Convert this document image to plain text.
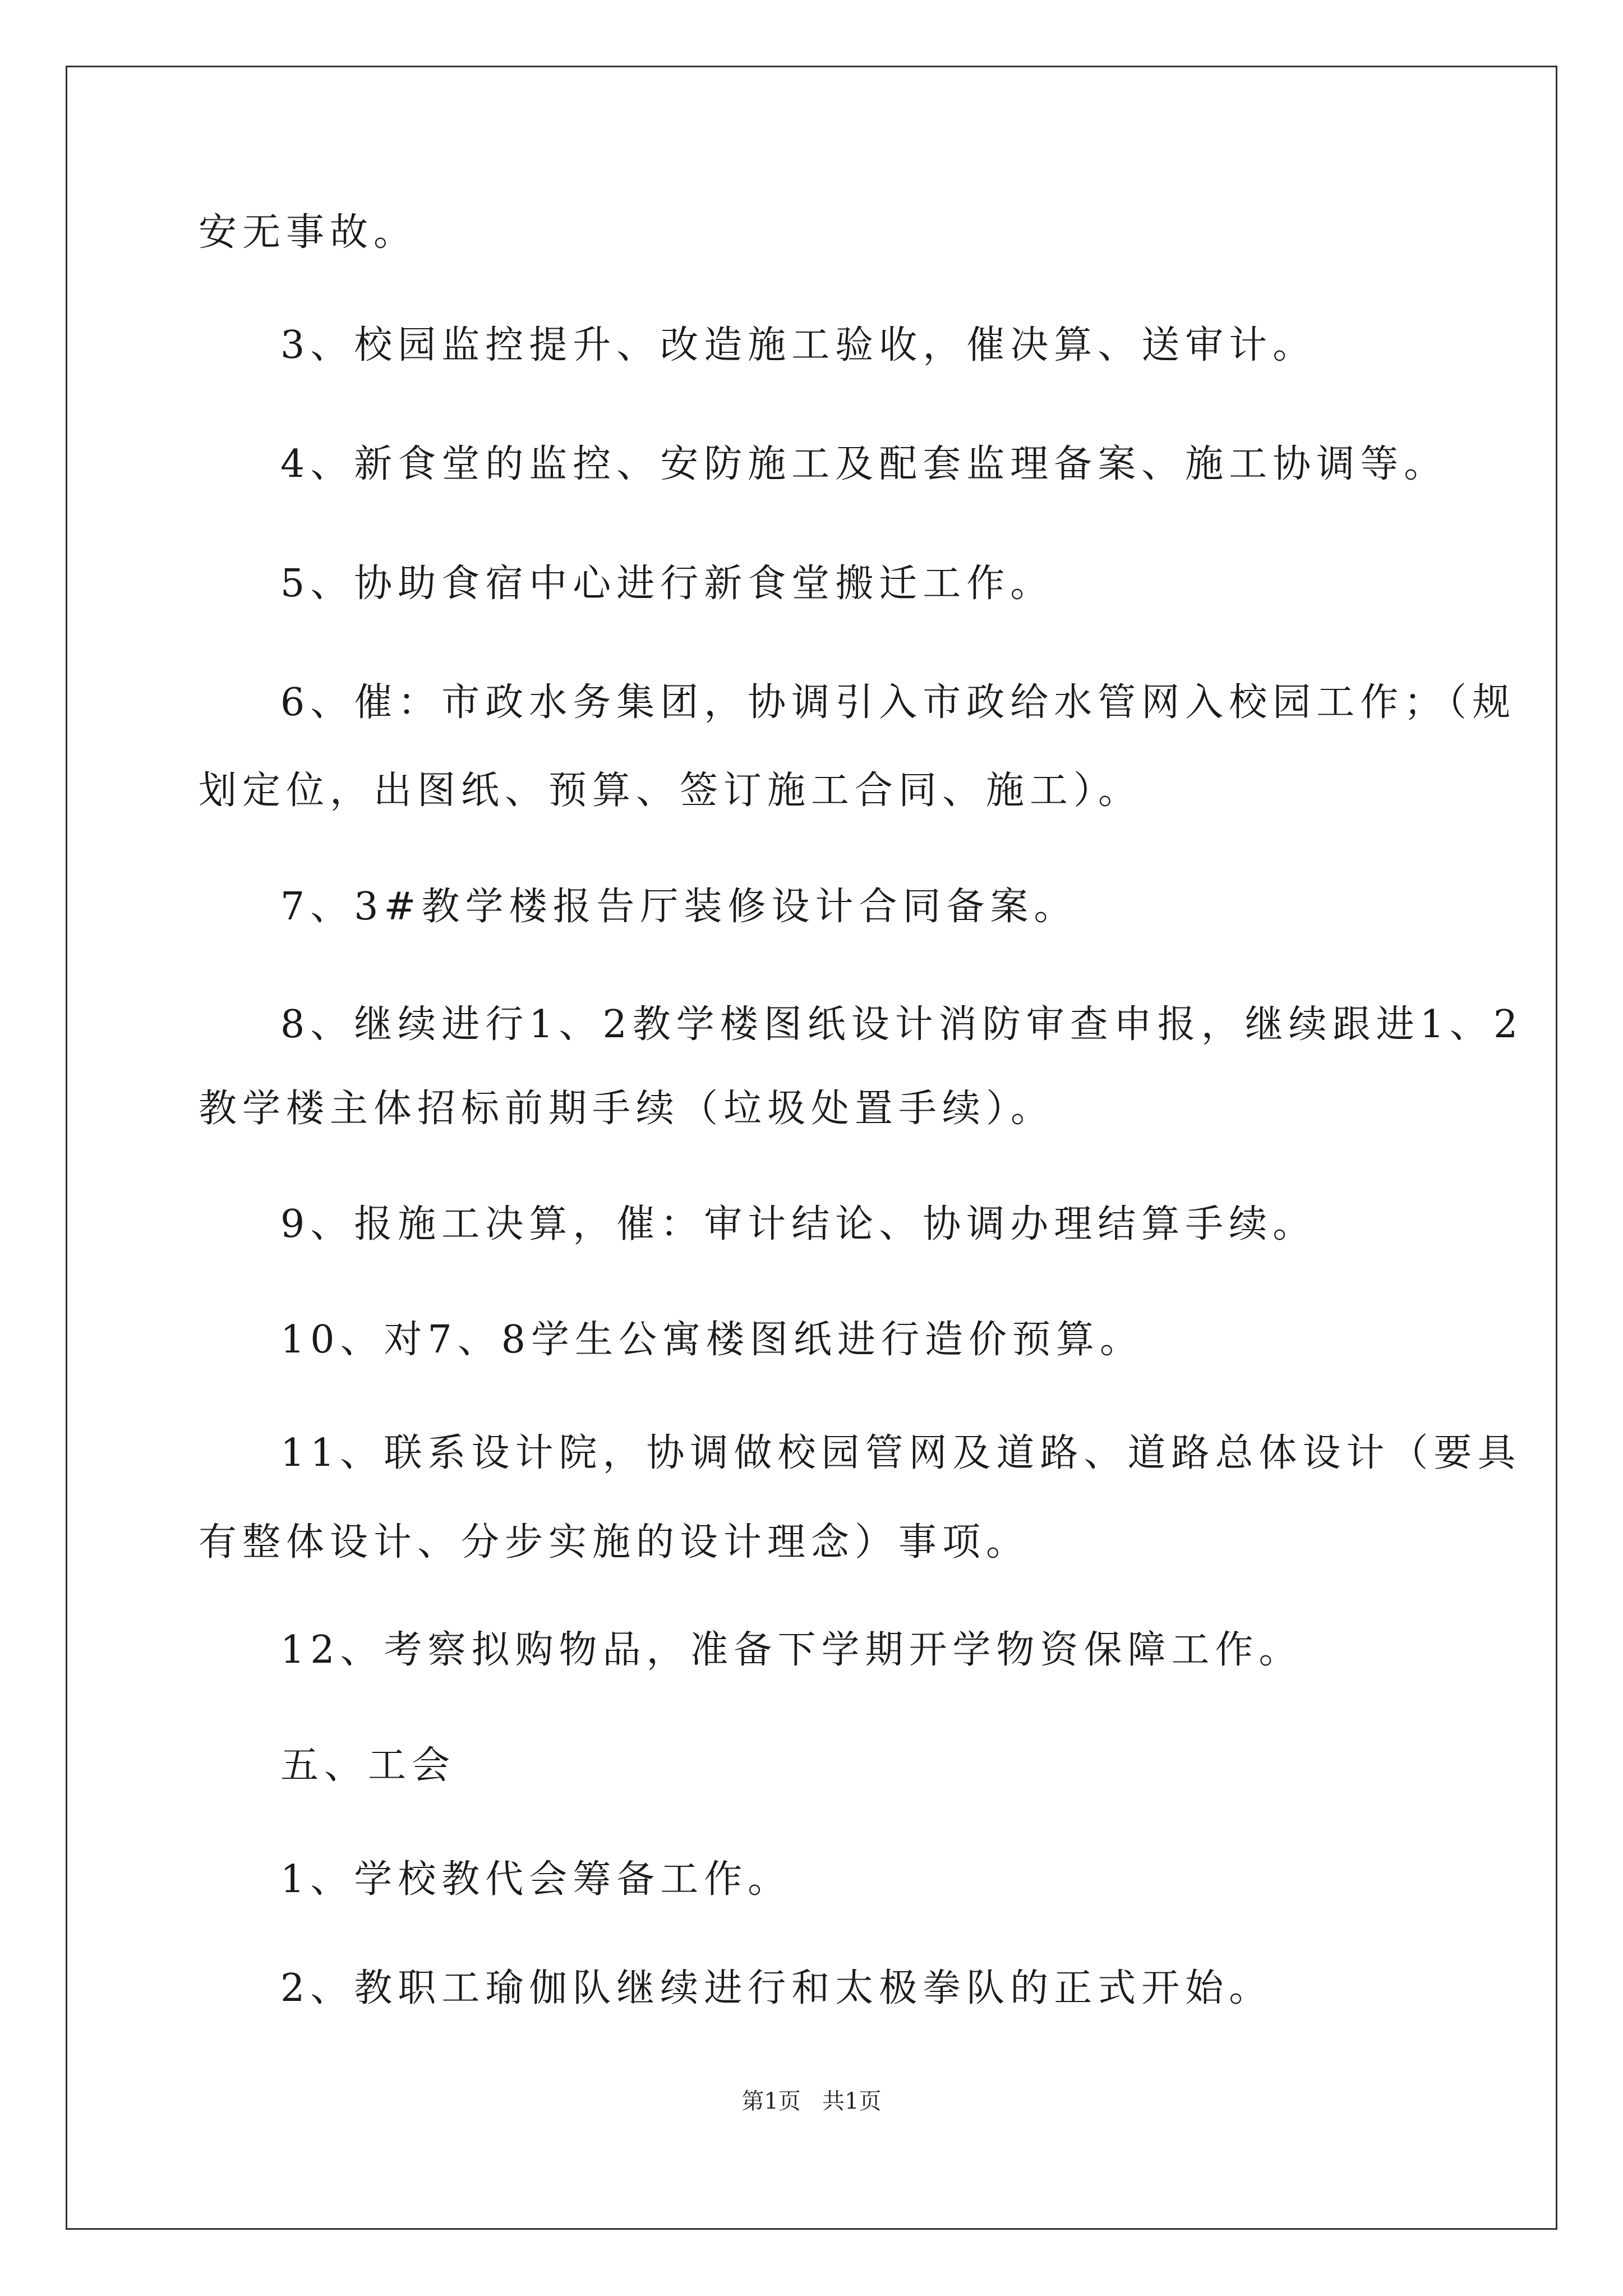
安无事故。
3、校园监控提升、改造施工验收，催决算、送审计。
4、新食堂的监控、安防施工及配套监理备案、施工协调等。
5、协助食宿中心进行新食堂搬迁工作。
6、催：市政水务集团，协调引入市政给水管网入校园工作；（规
划定位，出图纸、预算、签订施工合同、施工）。
7、3#教学楼报告厅装修设计合同备案。
8、继续进行1、2教学楼图纸设计消防审查申报，继续跟进1、2
教学楼主体招标前期手续（垃圾处置手续）。
9、报施工决算，催：审计结论、协调办理结算手续。
10、对7、8学生公寓楼图纸进行造价预算。
11、联系设计院，协调做校园管网及道路、道路总体设计（要具
有整体设计、分步实施的设计理念）事项。
12、考察拟购物品，准备下学期开学物资保障工作。
五、工会
1、学校教代会筹备工作。
2、教职工瑜伽队继续进行和太极拳队的正式开始。
第1页   共1页
